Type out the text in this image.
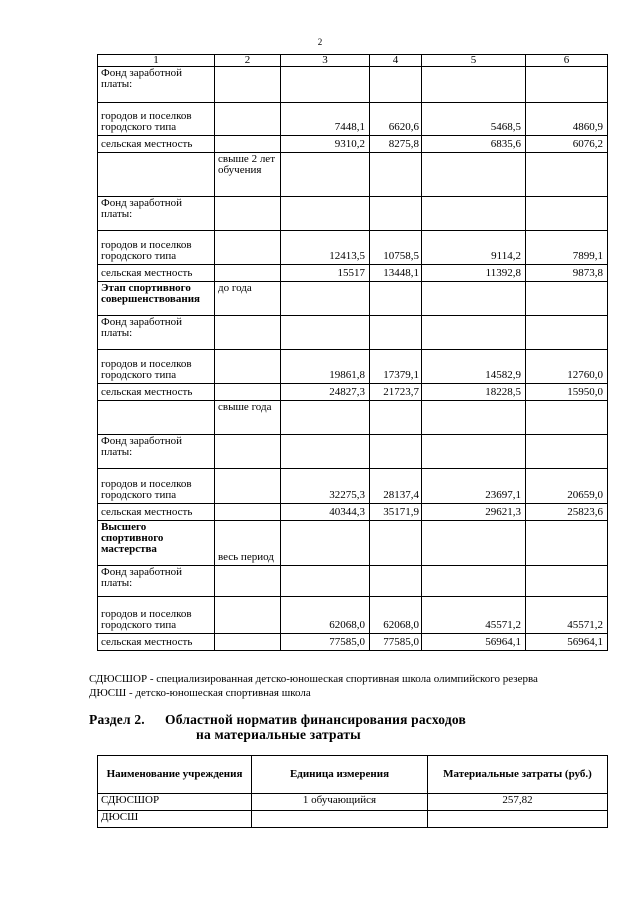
2
1	2	3	4	5	6
Фонд заработной платы:					
городов и поселков городского типа		7448,1	6620,6	5468,5	4860,9
сельская местность		9310,2	8275,8	6835,6	6076,2
	свыше 2 лет обучения				
Фонд заработной платы:					
городов и поселков городского типа		12413,5	10758,5	9114,2	7899,1
сельская местность		15517	13448,1	11392,8	9873,8
Этап спортивного совершенствования	до года				
Фонд заработной платы:					
городов и поселков городского типа		19861,8	17379,1	14582,9	12760,0
сельская местность		24827,3	21723,7	18228,5	15950,0
	свыше года				
Фонд заработной платы:					
городов и поселков городского типа		32275,3	28137,4	23697,1	20659,0
сельская местность		40344,3	35171,9	29621,3	25823,6
Высшего спортивного мастерства	весь период				
Фонд заработной платы:					
городов и поселков городского типа		62068,0	62068,0	45571,2	45571,2
сельская местность		77585,0	77585,0	56964,1	56964,1
СДЮСШОР - специализированная детско-юношеская спортивная школа олимпийского резерва
ДЮСШ - детско-юношеская спортивная школа
Раздел 2. Областной норматив финансирования расходов
на материальные затраты
Наименование учреждения	Единица измерения	Материальные затраты (руб.)
СДЮСШОР	1 обучающийся	257,82
ДЮСШ		
